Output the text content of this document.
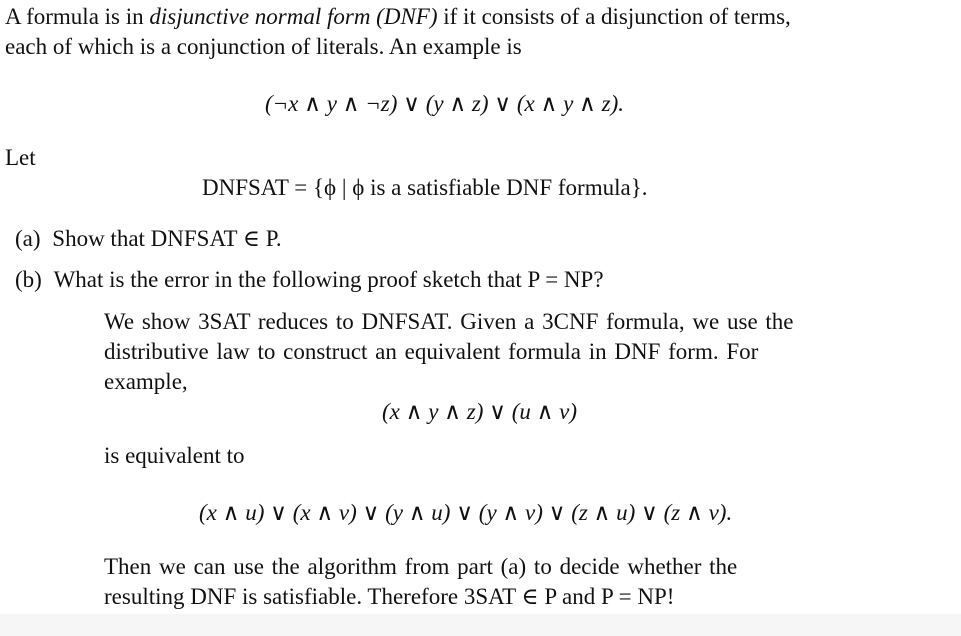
A formula is in disjunctive normal form (DNF) if it consists of a disjunction of terms,
each of which is a conjunction of literals. An example is
(¬x ∧ y ∧ ¬z) ∨ (y ∧ z) ∨ (x ∧ y ∧ z).
Let
DNFSAT = {ϕ | ϕ is a satisfiable DNF formula}.
(a) Show that DNFSAT ∈ P.
(b) What is the error in the following proof sketch that P = NP?
We show 3SAT reduces to DNFSAT. Given a 3CNF formula, we use the
distributive law to construct an equivalent formula in DNF form. For
example,
(x ∧ y ∧ z) ∨ (u ∧ v)
is equivalent to
(x ∧ u) ∨ (x ∧ v) ∨ (y ∧ u) ∨ (y ∧ v) ∨ (z ∧ u) ∨ (z ∧ v).
Then we can use the algorithm from part (a) to decide whether the
resulting DNF is satisfiable. Therefore 3SAT ∈ P and P = NP!
